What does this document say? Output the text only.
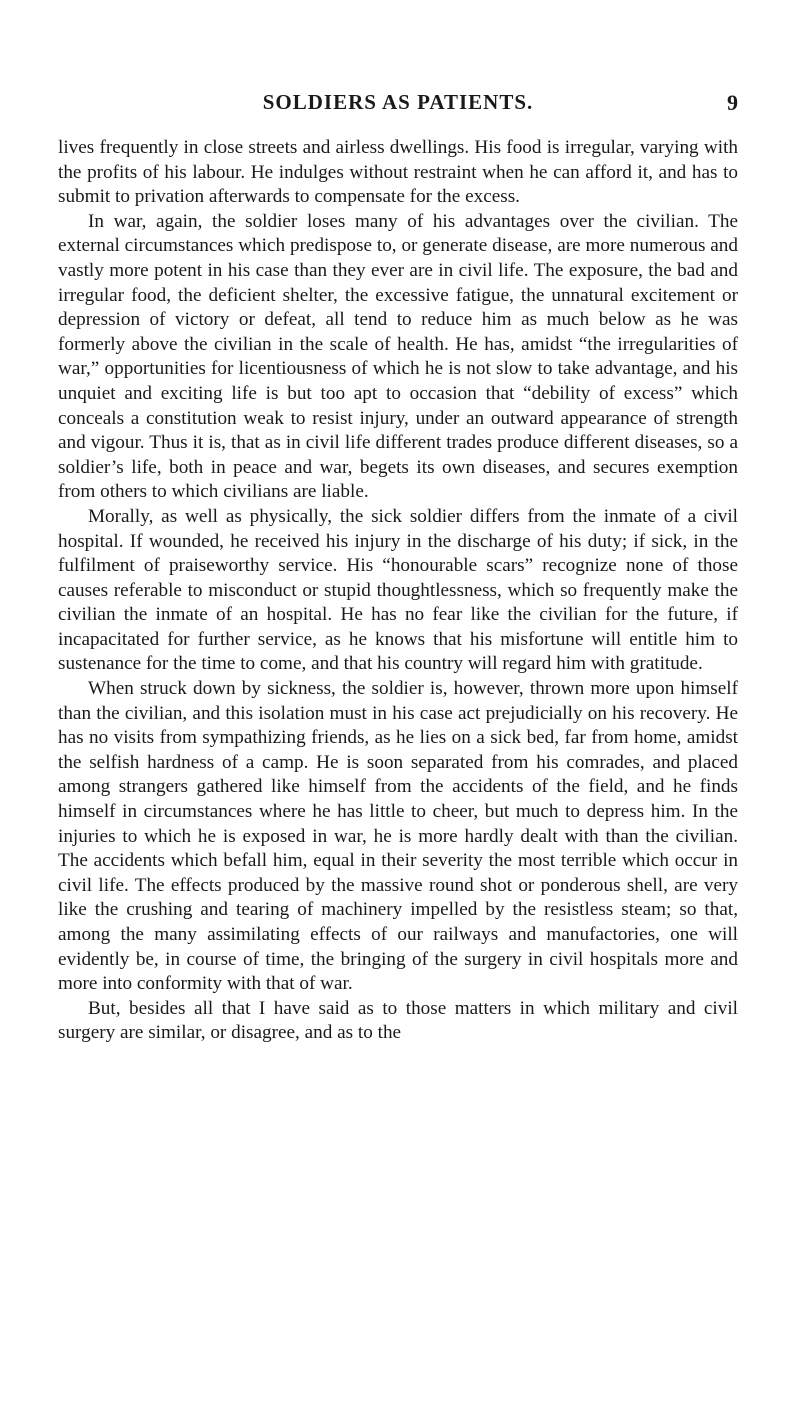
SOLDIERS AS PATIENTS.	9

lives frequently in close streets and airless dwellings. His food is irregular, varying with the profits of his labour. He indulges without restraint when he can afford it, and has to submit to privation afterwards to compensate for the excess.

In war, again, the soldier loses many of his advantages over the civilian. The external circumstances which predispose to, or generate disease, are more numerous and vastly more potent in his case than they ever are in civil life. The exposure, the bad and irregular food, the deficient shelter, the excessive fatigue, the unnatural excitement or depression of victory or defeat, all tend to reduce him as much below as he was formerly above the civilian in the scale of health. He has, amidst “the irregularities of war,” opportunities for licentiousness of which he is not slow to take advantage, and his unquiet and exciting life is but too apt to occasion that “debility of excess” which conceals a constitution weak to resist injury, under an outward appearance of strength and vigour. Thus it is, that as in civil life different trades produce different diseases, so a soldier’s life, both in peace and war, begets its own diseases, and secures exemption from others to which civilians are liable.

Morally, as well as physically, the sick soldier differs from the inmate of a civil hospital. If wounded, he received his injury in the discharge of his duty; if sick, in the fulfilment of praiseworthy service. His “honourable scars” recognize none of those causes referable to misconduct or stupid thoughtlessness, which so frequently make the civilian the inmate of an hospital. He has no fear like the civilian for the future, if incapacitated for further service, as he knows that his misfortune will entitle him to sustenance for the time to come, and that his country will regard him with gratitude.

When struck down by sickness, the soldier is, however, thrown more upon himself than the civilian, and this isolation must in his case act prejudicially on his recovery. He has no visits from sympathizing friends, as he lies on a sick bed, far from home, amidst the selfish hardness of a camp. He is soon separated from his comrades, and placed among strangers gathered like himself from the accidents of the field, and he finds himself in circumstances where he has little to cheer, but much to depress him. In the injuries to which he is exposed in war, he is more hardly dealt with than the civilian. The accidents which befall him, equal in their severity the most terrible which occur in civil life. The effects produced by the massive round shot or ponderous shell, are very like the crushing and tearing of machinery impelled by the resistless steam; so that, among the many assimilating effects of our railways and manufactories, one will evidently be, in course of time, the bringing of the surgery in civil hospitals more and more into conformity with that of war.

But, besides all that I have said as to those matters in which military and civil surgery are similar, or disagree, and as to the
